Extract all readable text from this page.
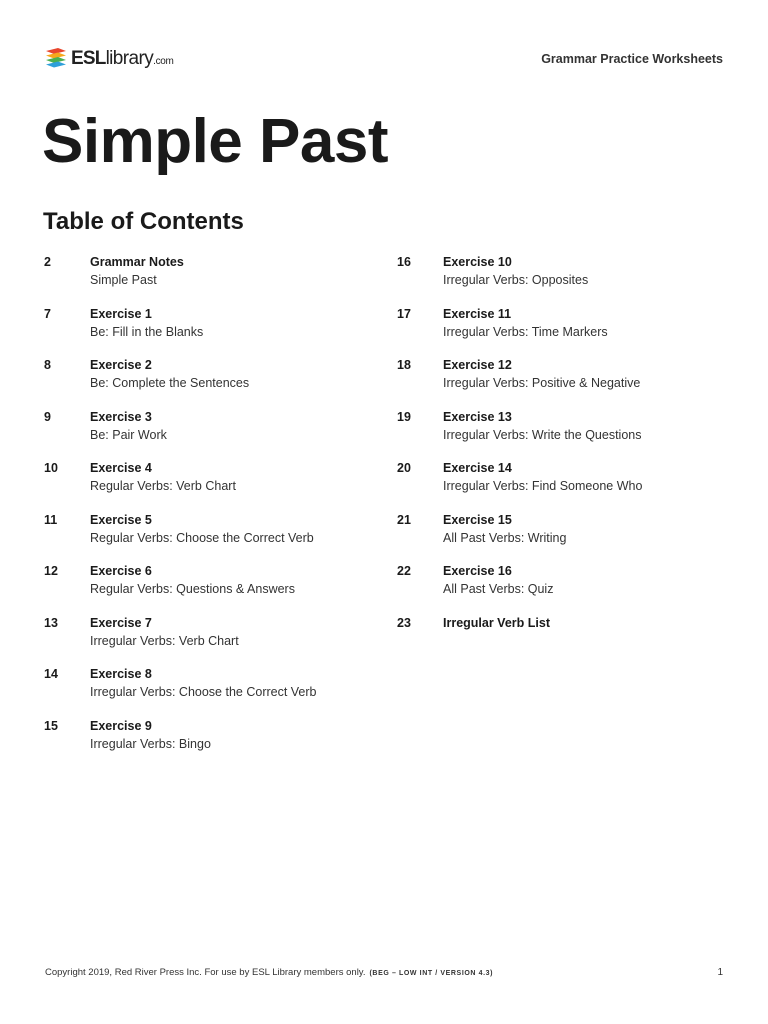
ESLlibrary.com	Grammar Practice Worksheets
Simple Past
Table of Contents
2	Grammar Notes
Simple Past
7	Exercise 1
Be: Fill in the Blanks
8	Exercise 2
Be: Complete the Sentences
9	Exercise 3
Be: Pair Work
10	Exercise 4
Regular Verbs: Verb Chart
11	Exercise 5
Regular Verbs: Choose the Correct Verb
12	Exercise 6
Regular Verbs: Questions & Answers
13	Exercise 7
Irregular Verbs: Verb Chart
14	Exercise 8
Irregular Verbs: Choose the Correct Verb
15	Exercise 9
Irregular Verbs: Bingo
16	Exercise 10
Irregular Verbs: Opposites
17	Exercise 11
Irregular Verbs: Time Markers
18	Exercise 12
Irregular Verbs: Positive & Negative
19	Exercise 13
Irregular Verbs: Write the Questions
20	Exercise 14
Irregular Verbs: Find Someone Who
21	Exercise 15
All Past Verbs: Writing
22	Exercise 16
All Past Verbs: Quiz
23	Irregular Verb List
Copyright 2019, Red River Press Inc. For use by ESL Library members only. (BEG – LOW INT / VERSION 4.3)	1
